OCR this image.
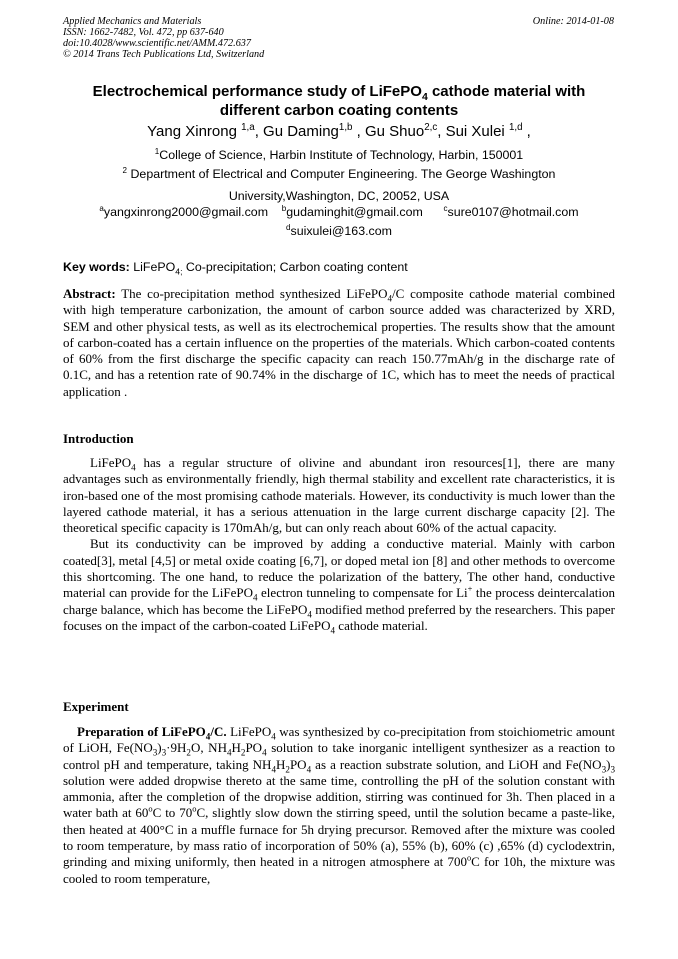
Applied Mechanics and Materials
ISSN: 1662-7482, Vol. 472, pp 637-640
doi:10.4028/www.scientific.net/AMM.472.637
© 2014 Trans Tech Publications Ltd, Switzerland
Online: 2014-01-08
Electrochemical performance study of LiFePO$_4$ cathode material with
different carbon coating contents
Yang Xinrong $^{1,a}$, Gu Daming$^{1,b}$ , Gu Shuo$^{2,c}$, Sui Xulei $^{1,d}$ ,
$^1$College of Science, Harbin Institute of Technology, Harbin, 150001
$^2$ Department of Electrical and Computer Engineering. The George Washington
University,Washington, DC, 20052, USA
$^a$yangxinrong2000@gmail.com $^b$gudaminghit@gmail.com	$^c$sure0107@hotmail.com
$^d$suixulei@163.com
Key words: LiFePO$_{4;}$ Co-precipitation; Carbon coating content

Abstract: The co-precipitation method synthesized LiFePO$_4$/C composite cathode material combined with high temperature carbonization, the amount of carbon source added was characterized by XRD, SEM and other physical tests, as well as its electrochemical properties. The results show that the amount of carbon-coated has a certain influence on the properties of the materials. Which carbon-coated contents of 60% from the first discharge the specific capacity can reach 150.77mAh/g in the discharge rate of 0.1C, and has a retention rate of 90.74% in the discharge of 1C, which has to meet the needs of practical application .

Introduction

LiFePO$_4$ has a regular structure of olivine and abundant iron resources[1], there are many advantages such as environmentally friendly, high thermal stability and excellent rate characteristics, it is iron-based one of the most promising cathode materials. However, its conductivity is much lower than the layered cathode material, it has a serious attenuation in the large current discharge capacity [2]. The theoretical specific capacity is 170mAh/g, but can only reach about 60% of the actual capacity.

But its conductivity can be improved by adding a conductive material. Mainly with carbon coated[3], metal [4,5] or metal oxide coating [6,7], or doped metal ion [8] and other methods to overcome this shortcoming. The one hand, to reduce the polarization of the battery, The other hand, conductive material can provide for the LiFePO$_4$ electron tunneling to compensate for Li+ the process deintercalation charge balance, which has become the LiFePO$_4$ modified method preferred by the researchers. This paper focuses on the impact of the carbon-coated LiFePO$_4$ cathode material.

Experiment

Preparation of LiFePO$_4$/C. LiFePO$_4$ was synthesized by co-precipitation from stoichiometric amount of LiOH, $Fe(NO_3)_3\cdot 9H_2O$, $NH_4H_2PO_4$ solution to take inorganic intelligent synthesizer as a reaction to control pH and temperature, taking $NH_4H_2PO_4$ as a reaction substrate solution, and LiOH and $Fe(NO_3)_3$ solution were added dropwise thereto at the same time, controlling the pH of the solution constant with ammonia, after the completion of the dropwise addition, stirring was continued for 3h. Then placed in a water bath at 60$^o$C to 70$^o$C, slightly slow down the stirring speed, until the solution became a paste-like, then heated at 400°C in a muffle furnace for 5h drying precursor. Removed after the mixture was cooled to room temperature, by mass ratio of incorporation of 50% (a), 55% (b), 60% (c) ,65% (d) cyclodextrin, grinding and mixing uniformly, then heated in a nitrogen atmosphere at 700$^o$C for 10h, the mixture was cooled to room temperature,
